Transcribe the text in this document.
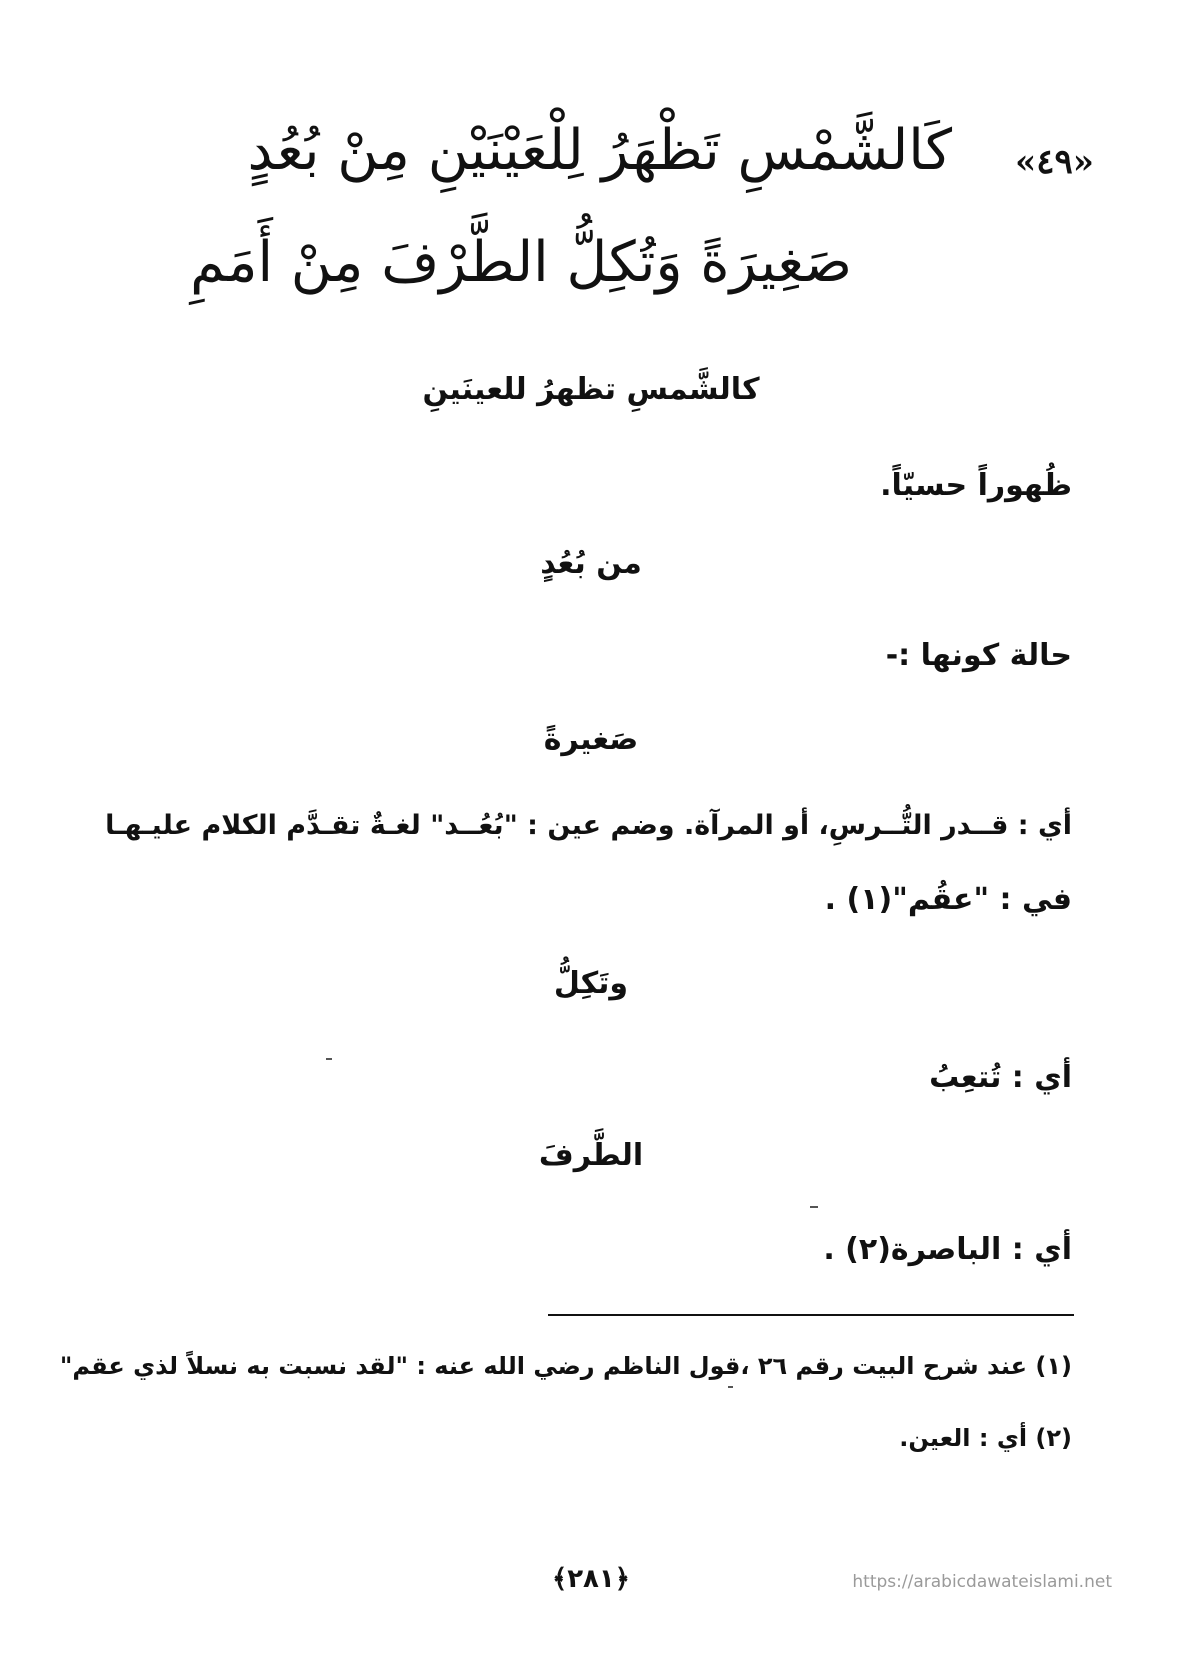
«٤٩»
كَالشَّمْسِ تَظْهَرُ لِلْعَيْنَيْنِ مِنْ بُعُدٍ
صَغِيرَةً وَتُكِلُّ الطَّرْفَ مِنْ أَمَمِ
كالشَّمسِ تظهرُ للعينَينِ
ظُهوراً حسيّاً.
من بُعُدٍ
حالة كونها :-
صَغيرةً
أي : قــدر التُّــرسِ، أو المرآة. وضم عين : "بُعُــد" لغـةٌ تقـدَّم الكلام عليـهـا
في : "عقُم"(١) .
وتَكِلُّ
أي : تُتعِبُ
الطَّرفَ
أي : الباصرة(٢) .
(١) عند شرح البيت رقم ٢٦ ،قول الناظم رضي الله عنه : "لقد نسبت به نسلاً لذي عقم"
(٢) أي : العين.
﴿٢٨١﴾	https://arabicdawateislami.net
